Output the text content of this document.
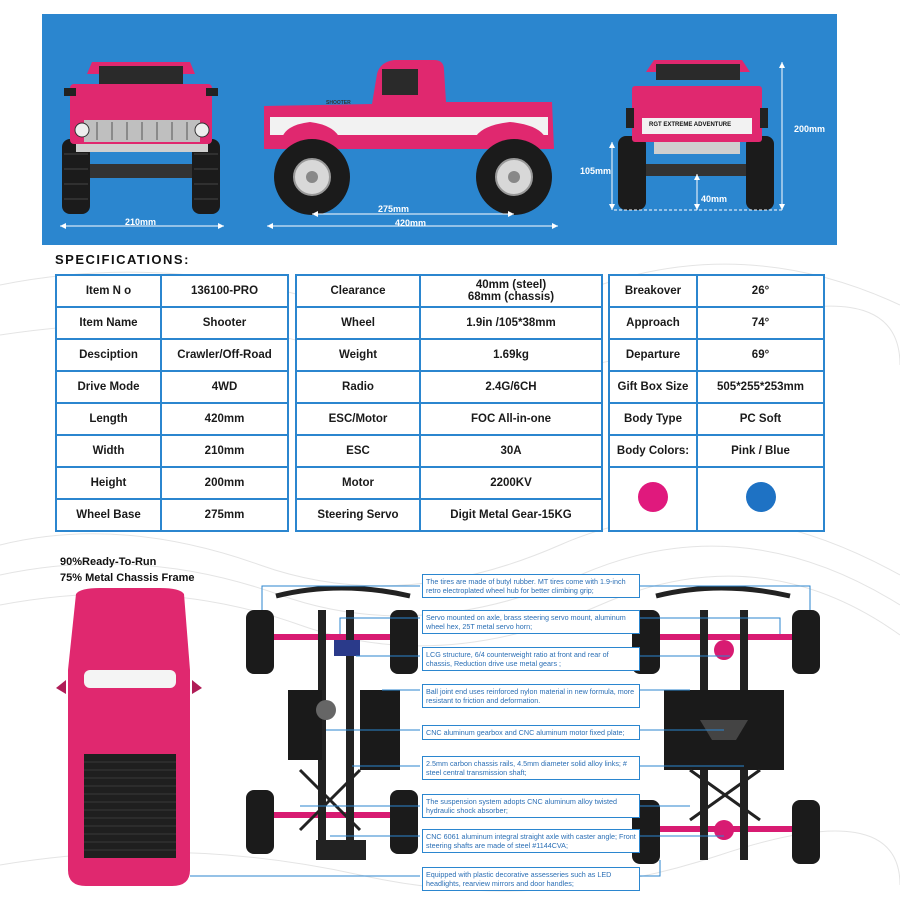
210mm
275mm
420mm
105mm
40mm
200mm
SHOOTER
RGT EXTREME ADVENTURE
SPECIFICATIONS:
Item N o	136100-PRO
Item Name	Shooter
Desciption	Crawler/Off-Road
Drive Mode	4WD
Length	420mm
Width	210mm
Height	200mm
Wheel Base	275mm
Clearance	40mm (steel)
68mm (chassis)

Wheel	1.9in /105*38mm
Weight	1.69kg
Radio	2.4G/6CH
ESC/Motor	FOC All-in-one
ESC	30A
Motor	2200KV
Steering Servo	Digit Metal Gear-15KG
Breakover	26°
Approach	74°
Departure	69°
Gift Box Size	505*255*253mm
Body Type	PC Soft
Body Colors:	Pink / Blue

90%Ready-To-Run
75% Metal Chassis Frame	The tires are made of butyl rubber. MT tires come with 1.9-inch retro electroplated wheel hub for better climbing grip;
Servo mounted on axle, brass steering servo mount, aluminum wheel hex, 25T metal servo horn;
LCG structure, 6/4 counterweight ratio at front and rear of chassis, Reduction drive use metal gears ;
Ball joint end uses reinforced nylon material in new formula, more resistant to friction and deformation.
CNC aluminum gearbox and CNC aluminum motor fixed plate;
2.5mm carbon chassis rails, 4.5mm diameter solid alloy links; # steel central transmission shaft;
The suspension system adopts CNC aluminum alloy twisted hydraulic shock absorber;
CNC 6061 aluminum integral straight axle with caster angle; Front steering shafts are made of steel #1144CVA;
Equipped with plastic decorative assesseries such as LED headlights, rearview mirrors and door handles;
